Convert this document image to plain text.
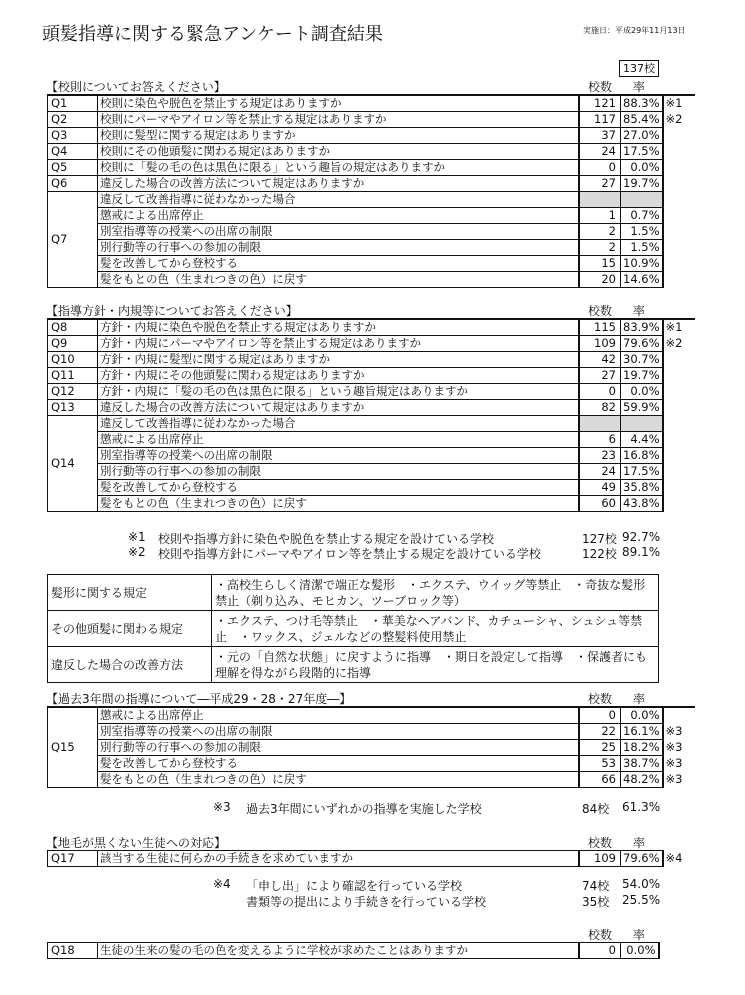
頭髪指導に関する緊急アンケート調査結果	実施日：平成29年11月13日
137校
【校則についてお答えください】	校数 率
Q1	校則に染色や脱色を禁止する規定はありますか	121	88.3%	※1
Q2	校則にパーマやアイロン等を禁止する規定はありますか	117	85.4%	※2
Q3	校則に髪型に関する規定はありますか	37	27.0%	
Q4	校則にその他頭髪に関わる規定はありますか	24	17.5%	
Q5	校則に「髪の毛の色は黒色に限る」という趣旨の規定はありますか	0	0.0%	
Q6	違反した場合の改善方法について規定はありますか	27	19.7%	
Q7	違反して改善指導に従わなかった場合			
	懲戒による出席停止	1	0.7%	
	別室指導等の授業への出席の制限	2	1.5%	
	別行動等の行事への参加の制限	2	1.5%	
	髪を改善してから登校する	15	10.9%	
	髪をもとの色（生まれつきの色）に戻す	20	14.6%	
【指導方針・内規等についてお答えください】	校数 率
Q8	方針・内規に染色や脱色を禁止する規定はありますか	115	83.9%	※1
Q9	方針・内規にパーマやアイロン等を禁止する規定はありますか	109	79.6%	※2
Q10	方針・内規に髪型に関する規定はありますか	42	30.7%	
Q11	方針・内規にその他頭髪に関わる規定はありますか	27	19.7%	
Q12	方針・内規に「髪の毛の色は黒色に限る」という趣旨規定はありますか	0	0.0%	
Q13	違反した場合の改善方法について規定はありますか	82	59.9%	
Q14	違反して改善指導に従わなかった場合			
	懲戒による出席停止	6	4.4%	
	別室指導等の授業への出席の制限	23	16.8%	
	別行動等の行事への参加の制限	24	17.5%	
	髪を改善してから登校する	49	35.8%	
	髪をもとの色（生まれつきの色）に戻す	60	43.8%	
※1 校則や指導方針に染色や脱色を禁止する規定を設けている学校	127校 92.7%
※2 校則や指導方針にパーマやアイロン等を禁止する規定を設けている学校	122校 89.1%
髪形に関する規定	・高校生らしく清潔で端正な髪形　・エクステ、ウイッグ等禁止　・奇抜な髪形禁止（剃り込み、モヒカン、ツーブロック等）
その他頭髪に関わる規定	・エクステ、つけ毛等禁止　・華美なヘアバンド、カチューシャ、シュシュ等禁止　・ワックス、ジェルなどの整髪料使用禁止
違反した場合の改善方法	・元の「自然な状態」に戻すように指導　・期日を設定して指導　・保護者にも理解を得ながら段階的に指導
【過去3年間の指導について―平成29・28・27年度―】	校数 率
Q15	懲戒による出席停止	0	0.0%	
	別室指導等の授業への出席の制限	22	16.1%	※3
	別行動等の行事への参加の制限	25	18.2%	※3
	髪を改善してから登校する	53	38.7%	※3
	髪をもとの色（生まれつきの色）に戻す	66	48.2%	※3
※3 過去3年間にいずれかの指導を実施した学校	84校 61.3%
【地毛が黒くない生徒への対応】	校数 率
Q17	該当する生徒に何らかの手続きを求めていますか	109	79.6%	※4
※4 「申し出」により確認を行っている学校	74校 54.0%
書類等の提出により手続きを行っている学校	35校 25.5%
校数 率
Q18	生徒の生来の髪の毛の色を変えるように学校が求めたことはありますか	0	0.0%
